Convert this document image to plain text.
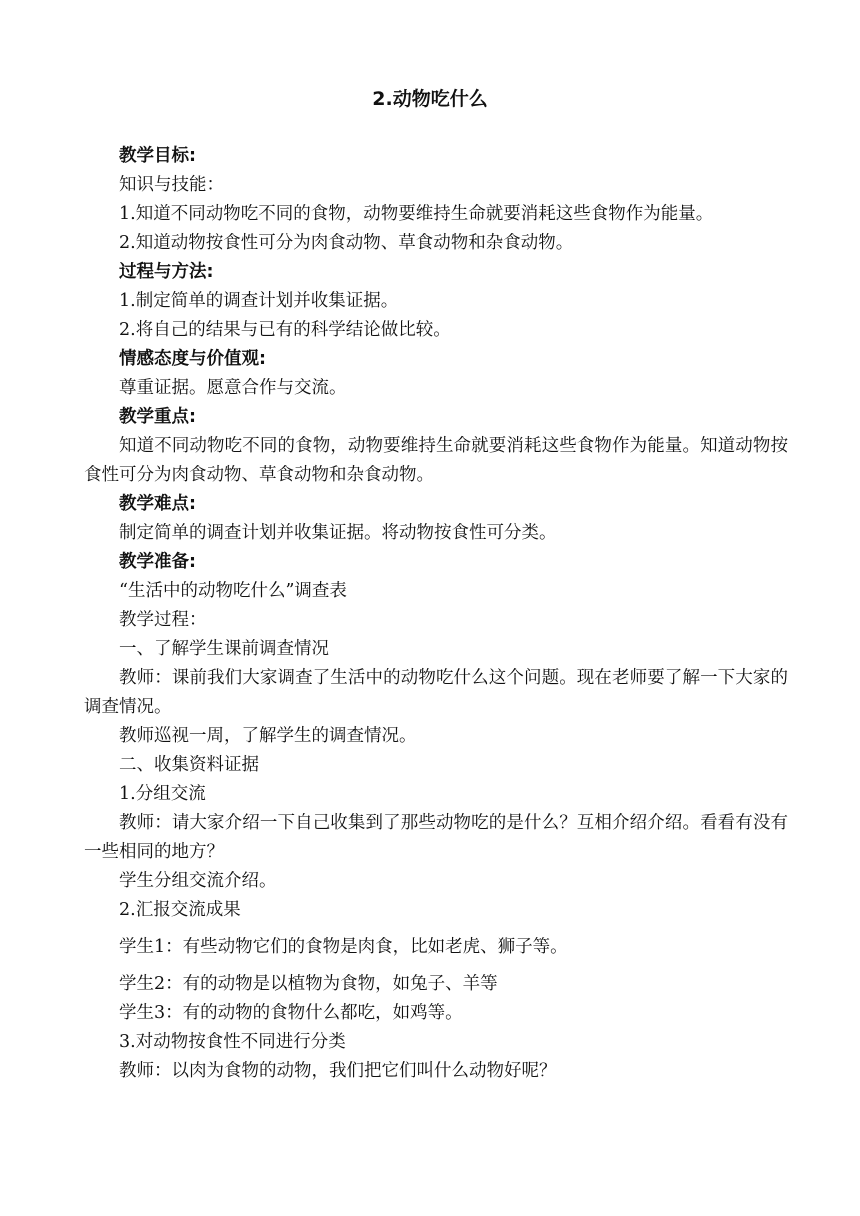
2.动物吃什么

教学目标:

知识与技能：

1.知道不同动物吃不同的食物，动物要维持生命就要消耗这些食物作为能量。

2.知道动物按食性可分为肉食动物、草食动物和杂食动物。

过程与方法:

1.制定简单的调查计划并收集证据。

2.将自己的结果与已有的科学结论做比较。

情感态度与价值观:

尊重证据。愿意合作与交流。

教学重点:

知道不同动物吃不同的食物，动物要维持生命就要消耗这些食物作为能量。知道动物按食性可分为肉食动物、草食动物和杂食动物。

教学难点:

制定简单的调查计划并收集证据。将动物按食性可分类。

教学准备:

“生活中的动物吃什么”调查表

教学过程：

一、了解学生课前调查情况

教师：课前我们大家调查了生活中的动物吃什么这个问题。现在老师要了解一下大家的调查情况。

教师巡视一周，了解学生的调查情况。

二、收集资料证据

1.分组交流

教师：请大家介绍一下自己收集到了那些动物吃的是什么？互相介绍介绍。看看有没有一些相同的地方？

学生分组交流介绍。

2.汇报交流成果

学生1：有些动物它们的食物是肉食，比如老虎、狮子等。

学生2：有的动物是以植物为食物，如兔子、羊等

学生3：有的动物的食物什么都吃，如鸡等。

3.对动物按食性不同进行分类

教师：以肉为食物的动物，我们把它们叫什么动物好呢？
